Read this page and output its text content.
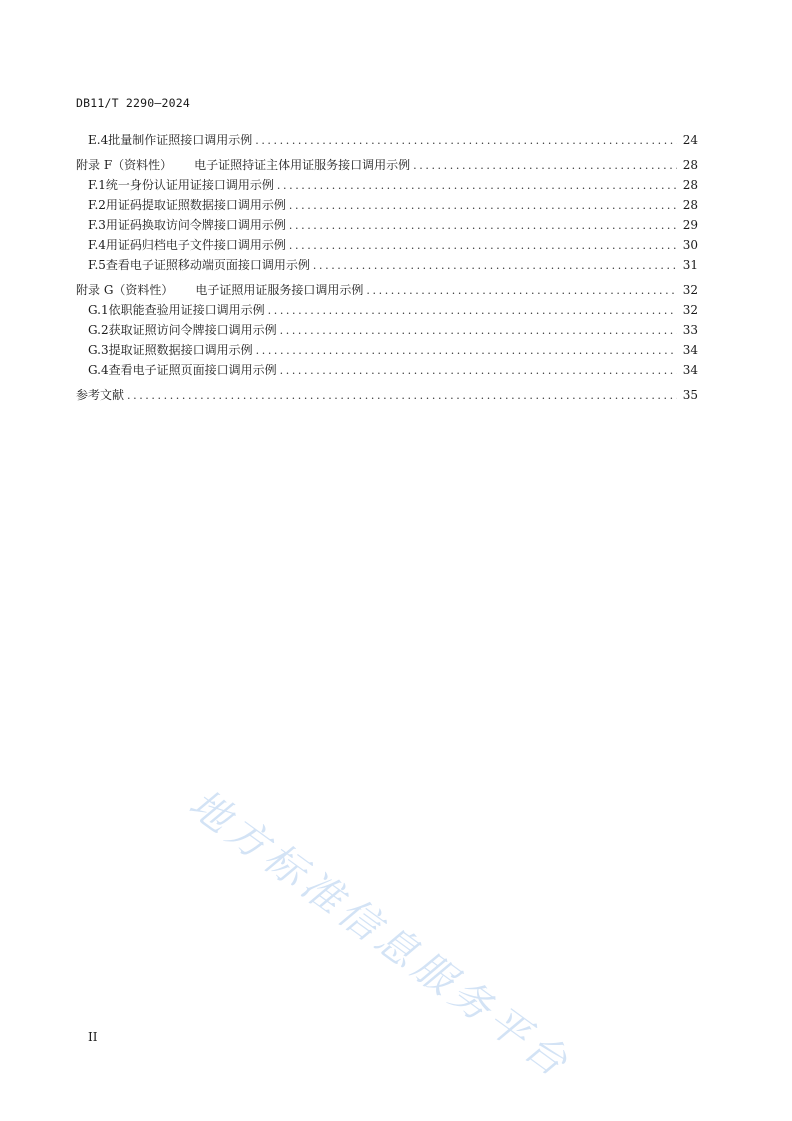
DB11/T 2290—2024
E.4 批量制作证照接口调用示例 .....	24
附录 F（资料性） 电子证照持证主体用证服务接口调用示例 .....	28
F.1 统一身份认证用证接口调用示例 .....	28
F.2 用证码提取证照数据接口调用示例 .....	28
F.3 用证码换取访问令牌接口调用示例 .....	29
F.4 用证码归档电子文件接口调用示例 .....	30
F.5 查看电子证照移动端页面接口调用示例 .....	31
附录 G（资料性） 电子证照用证服务接口调用示例 .....	32
G.1 依职能查验用证接口调用示例 .....	32
G.2 获取证照访问令牌接口调用示例 .....	33
G.3 提取证照数据接口调用示例 .....	34
G.4 查看电子证照页面接口调用示例 .....	34
参考文献 .....	35
地方标准信息服务平台
II
